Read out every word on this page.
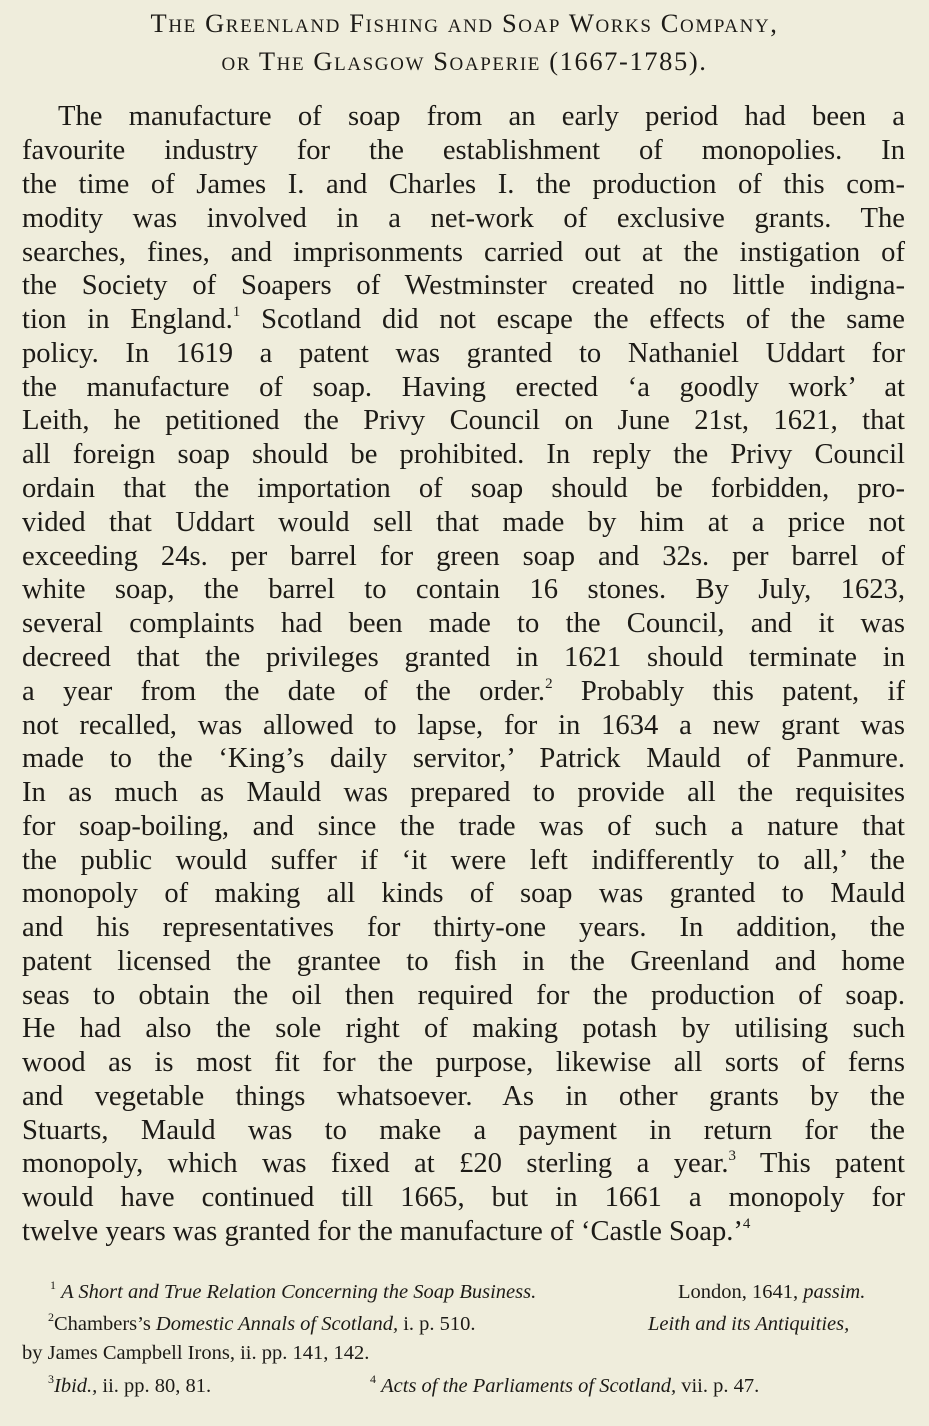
The Greenland Fishing and Soap Works Company,
or The Glasgow Soaperie (1667-1785).
The manufacture of soap from an early period had been a
favourite industry for the establishment of monopolies. In
the time of James I. and Charles I. the production of this com-
modity was involved in a net-work of exclusive grants. The
searches, fines, and imprisonments carried out at the instigation of
the Society of Soapers of Westminster created no little indigna-
tion in England.$^1$ Scotland did not escape the effects of the same
policy. In 1619 a patent was granted to Nathaniel Uddart for
the manufacture of soap. Having erected ‘a goodly work’ at
Leith, he petitioned the Privy Council on June 21st, 1621, that
all foreign soap should be prohibited. In reply the Privy Council
ordain that the importation of soap should be forbidden, pro-
vided that Uddart would sell that made by him at a price not
exceeding 24s. per barrel for green soap and 32s. per barrel of
white soap, the barrel to contain 16 stones. By July, 1623,
several complaints had been made to the Council, and it was
decreed that the privileges granted in 1621 should terminate in
a year from the date of the order.$^2$ Probably this patent, if
not recalled, was allowed to lapse, for in 1634 a new grant was
made to the ‘King’s daily servitor,’ Patrick Mauld of Panmure.
In as much as Mauld was prepared to provide all the requisites
for soap-boiling, and since the trade was of such a nature that
the public would suffer if ‘it were left indifferently to all,’ the
monopoly of making all kinds of soap was granted to Mauld
and his representatives for thirty-one years. In addition, the
patent licensed the grantee to fish in the Greenland and home
seas to obtain the oil then required for the production of soap.
He had also the sole right of making potash by utilising such
wood as is most fit for the purpose, likewise all sorts of ferns
and vegetable things whatsoever. As in other grants by the
Stuarts, Mauld was to make a payment in return for the
monopoly, which was fixed at £20 sterling a year.$^3$ This patent
would have continued till 1665, but in 1661 a monopoly for
twelve years was granted for the manufacture of ‘Castle Soap.’$^4$
$^1$ A Short and True Relation Concerning the Soap Business.	London, 1641, passim.
$^2$Chambers’s Domestic Annals of Scotland, i. p. 510.	Leith and its Antiquities,
by James Campbell Irons, ii. pp. 141, 142.
$^3$Ibid., ii. pp. 80, 81.	$^4$ Acts of the Parliaments of Scotland, vii. p. 47.
